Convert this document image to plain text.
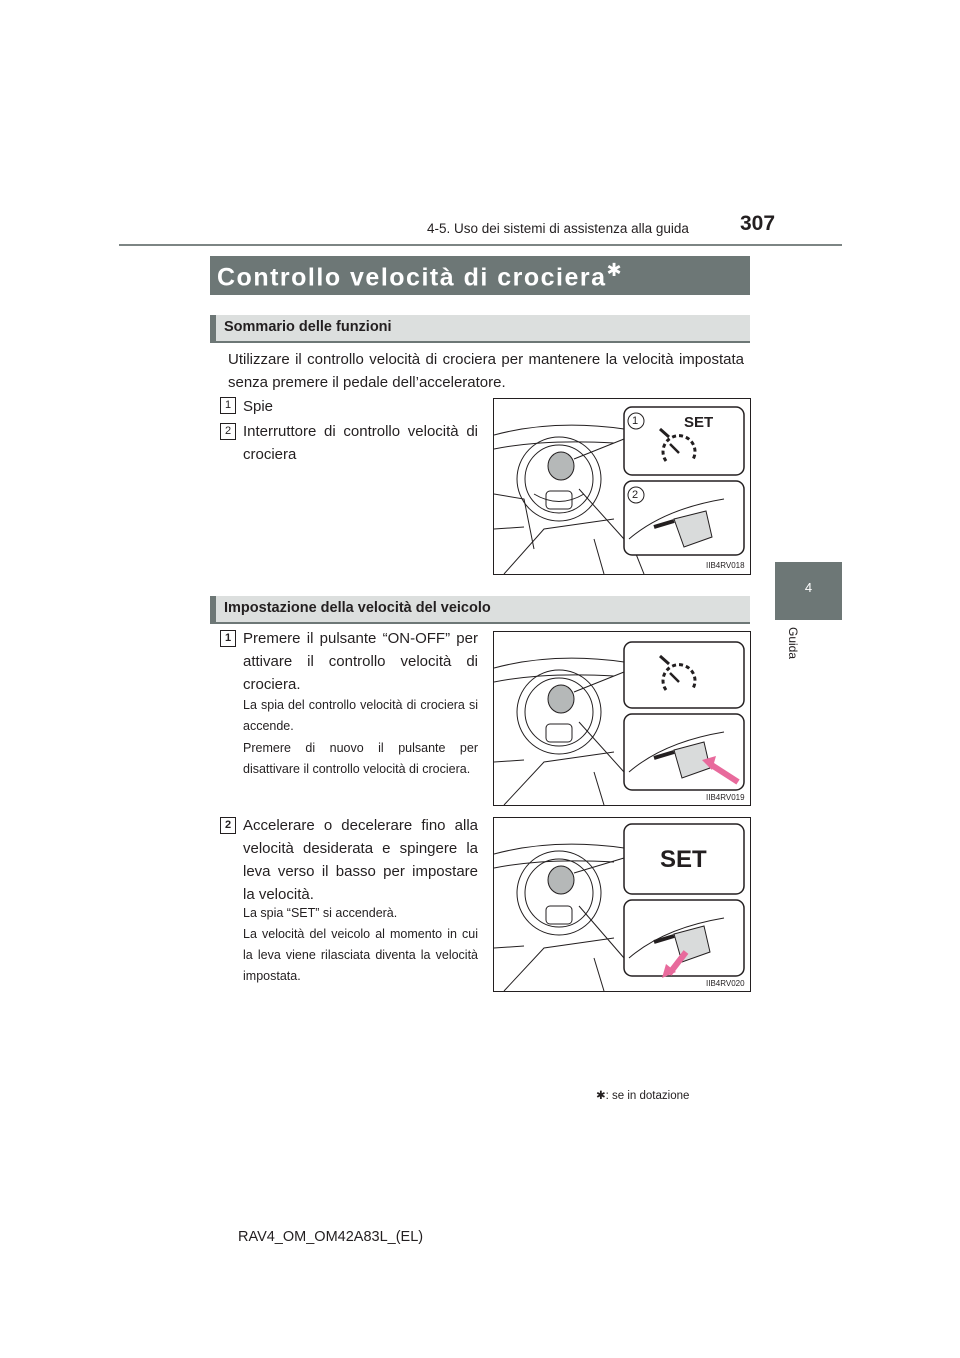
4-5. Uso dei sistemi di assistenza alla guida 307
4
Guida
Controllo velocità di crociera✱
Sommario delle funzioni
Utilizzare il controllo velocità di crociera per mantenere la velocità impostata senza premere il pedale dell’acceleratore.
1 Spie
2 Interruttore di controllo velocità di crociera
1
2
SET
IIB4RV018
Impostazione della velocità del veicolo
1 Premere il pulsante “ON-OFF” per attivare il controllo velocità di crociera.
La spia del controllo velocità di crociera si accende.
Premere di nuovo il pulsante per disattivare il controllo velocità di crociera.
IIB4RV019
2 Accelerare o decelerare fino alla velocità desiderata e spingere la leva verso il basso per impostare la velocità.
La spia “SET” si accenderà.
La velocità del veicolo al momento in cui la leva viene rilasciata diventa la velocità impostata.
SET
IIB4RV020
✱: se in dotazione
RAV4_OM_OM42A83L_(EL)
